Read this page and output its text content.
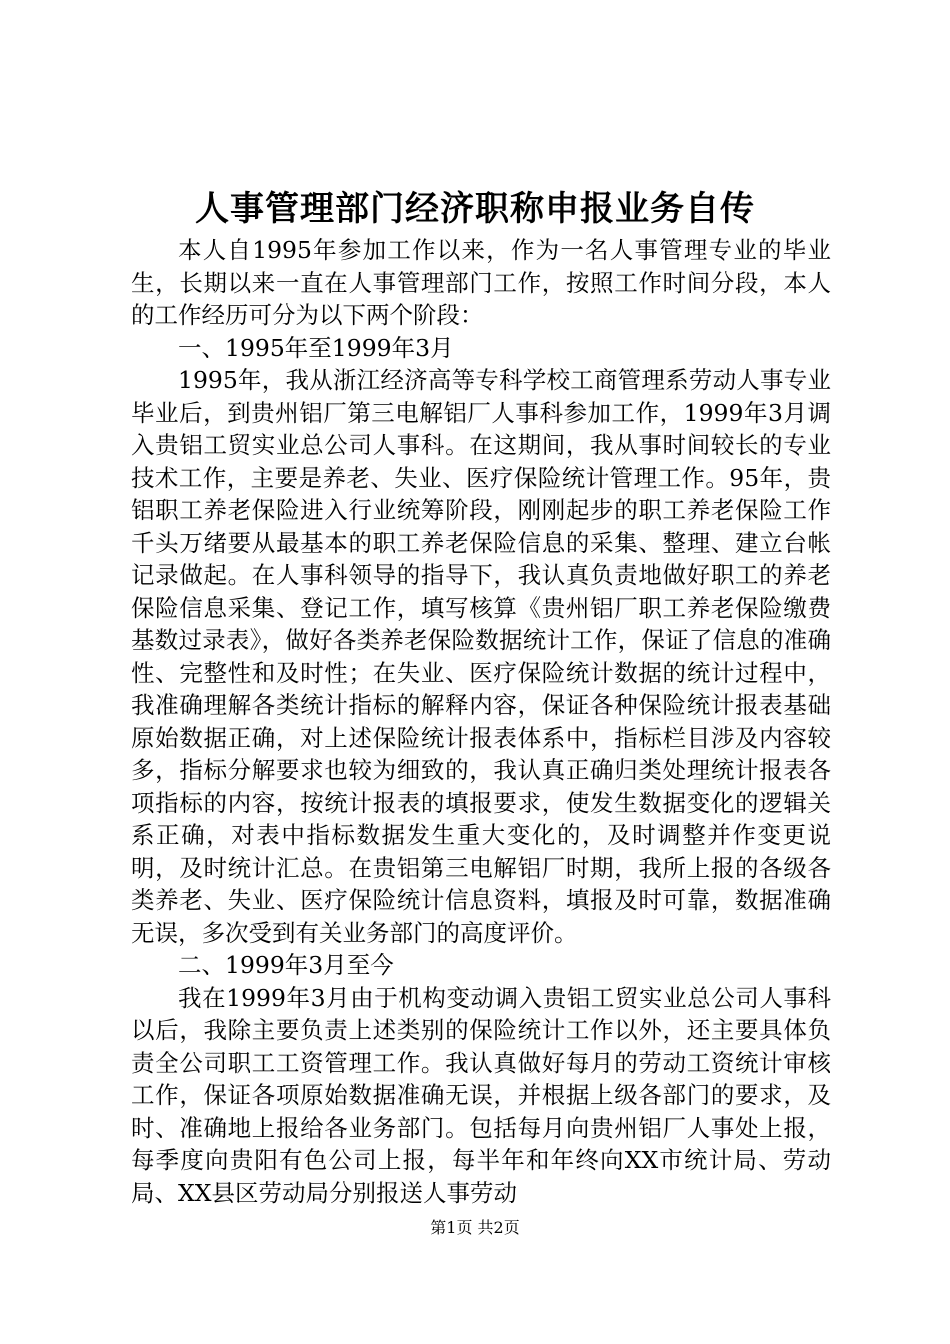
人事管理部门经济职称申报业务自传

本人自1995年参加工作以来，作为一名人事管理专业的毕业生，长期以来一直在人事管理部门工作，按照工作时间分段，本人的工作经历可分为以下两个阶段：

一、1995年至1999年3月

1995年，我从浙江经济高等专科学校工商管理系劳动人事专业毕业后，到贵州铝厂第三电解铝厂人事科参加工作，1999年3月调入贵铝工贸实业总公司人事科。在这期间，我从事时间较长的专业技术工作，主要是养老、失业、医疗保险统计管理工作。95年，贵铝职工养老保险进入行业统筹阶段，刚刚起步的职工养老保险工作千头万绪要从最基本的职工养老保险信息的采集、整理、建立台帐记录做起。在人事科领导的指导下，我认真负责地做好职工的养老保险信息采集、登记工作，填写核算《贵州铝厂职工养老保险缴费基数过录表》，做好各类养老保险数据统计工作，保证了信息的准确性、完整性和及时性；在失业、医疗保险统计数据的统计过程中，我准确理解各类统计指标的解释内容，保证各种保险统计报表基础原始数据正确，对上述保险统计报表体系中，指标栏目涉及内容较多，指标分解要求也较为细致的，我认真正确归类处理统计报表各项指标的内容，按统计报表的填报要求，使发生数据变化的逻辑关系正确，对表中指标数据发生重大变化的，及时调整并作变更说明，及时统计汇总。在贵铝第三电解铝厂时期，我所上报的各级各类养老、失业、医疗保险统计信息资料，填报及时可靠，数据准确无误，多次受到有关业务部门的高度评价。

二、1999年3月至今

我在1999年3月由于机构变动调入贵铝工贸实业总公司人事科以后，我除主要负责上述类别的保险统计工作以外，还主要具体负责全公司职工工资管理工作。我认真做好每月的劳动工资统计审核工作，保证各项原始数据准确无误，并根据上级各部门的要求，及时、准确地上报给各业务部门。包括每月向贵州铝厂人事处上报，每季度向贵阳有色公司上报，每半年和年终向XX市统计局、劳动局、XX县区劳动局分别报送人事劳动

第1页 共2页
